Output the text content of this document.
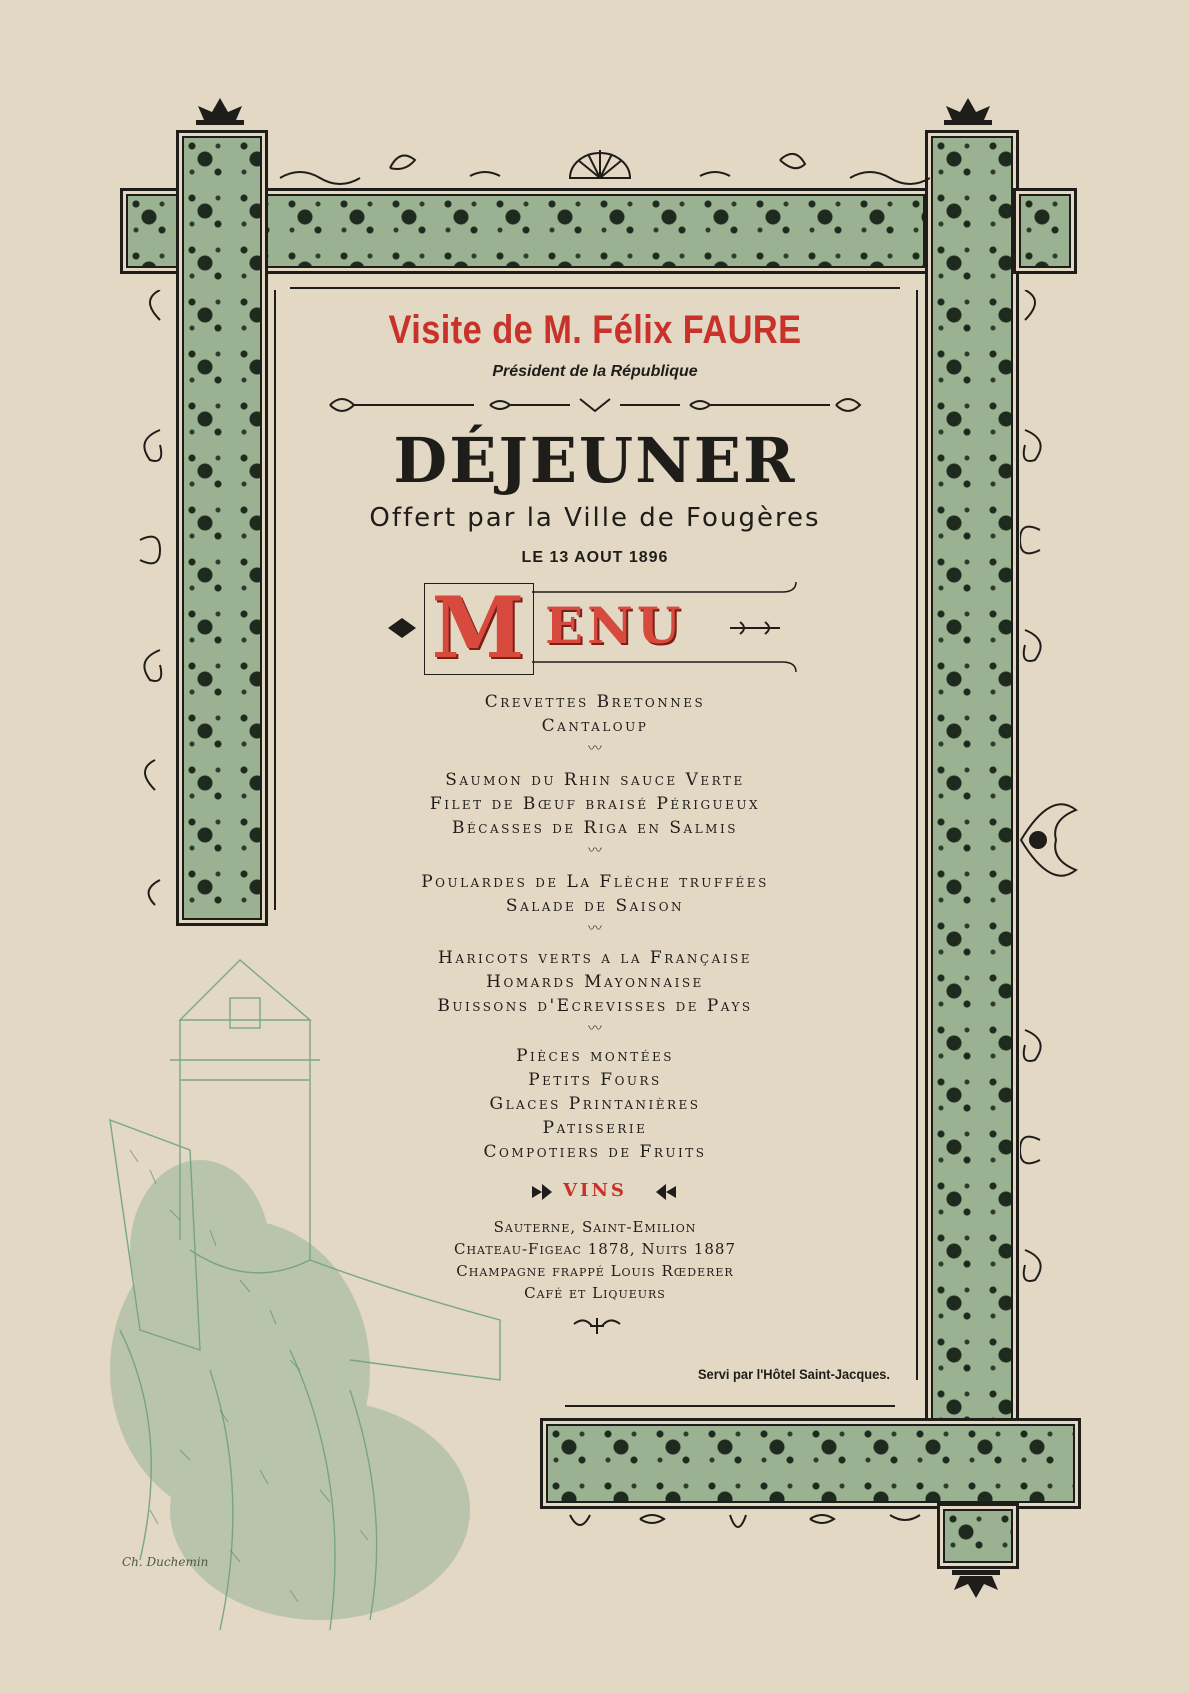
Visite de M. Félix FAURE
Président de la République
DÉJEUNER
Offert par la Ville de Fougères
LE 13 AOUT 1896
M ENU
Crevettes Bretonnes
Cantaloup
〰
Saumon du Rhin sauce Verte
Filet de Bœuf braisé Périgueux
Bécasses de Riga en Salmis
〰
Poulardes de La Flèche truffées
Salade de Saison
〰
Haricots verts a la Française
Homards Mayonnaise
Buissons d'Ecrevisses de Pays
〰
Pièces montées
Petits Fours
Glaces Printanières
Patisserie
Compotiers de Fruits
VINS
Sauterne, Saint-Emilion
Chateau-Figeac 1878, Nuits 1887
Champagne frappé Louis Rœderer
Café et Liqueurs
Servi par l'Hôtel Saint-Jacques.
Ch. Duchemin
